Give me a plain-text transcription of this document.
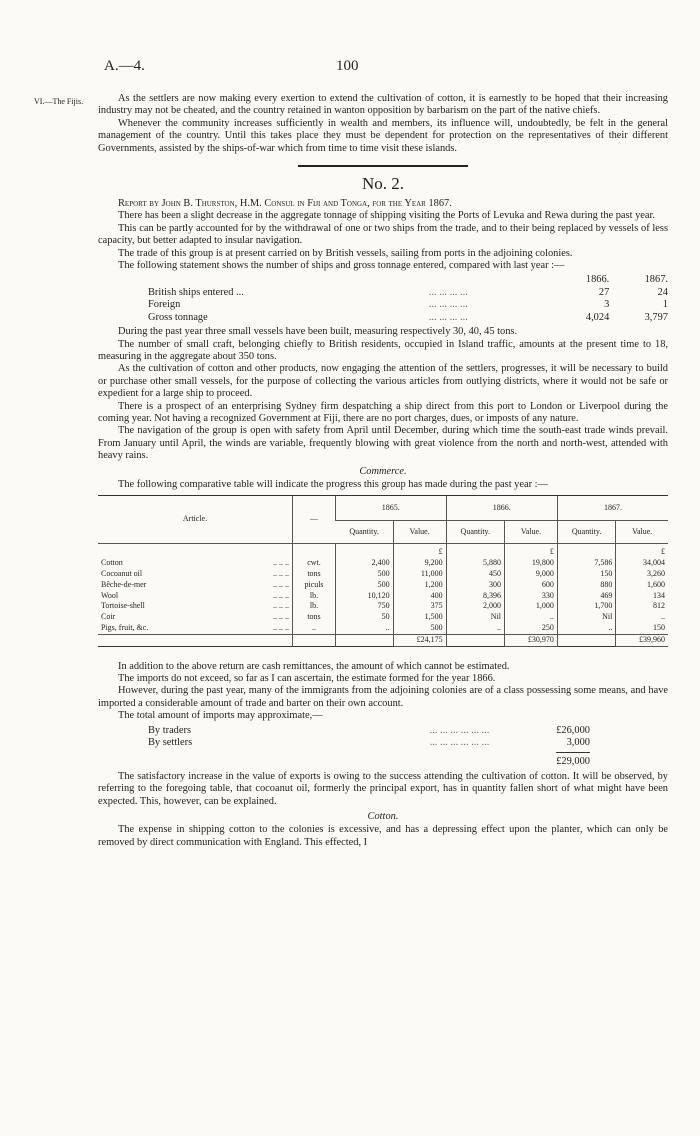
A.—4.	100
VI.—The Fijis.	As the settlers are now making every exertion to extend the cultivation of cotton, it is earnestly to be hoped that their increasing industry may not be cheated, and the country retained in wanton opposition by barbarism on the part of the native chiefs.

Whenever the community increases sufficiently in wealth and members, its influence will, undoubtedly, be felt in the general management of the country. Until this takes place they must be dependent for protection on the representatives of their different Governments, assisted by the ships-of-war which from time to time visit these islands.

No. 2.

Report by John B. Thurston, H.M. Consul in Fiji and Tonga, for the Year 1867.

There has been a slight decrease in the aggregate tonnage of shipping visiting the Ports of Levuka and Rewa during the past year.

This can be partly accounted for by the withdrawal of one or two ships from the trade, and to their being replaced by vessels of less capacity, but better adapted to insular navigation.

The trade of this group is at present carried on by British vessels, sailing from ports in the adjoining colonies.

The following statement shows the number of ships and gross tonnage entered, compared with last year :—

		1866.	1867.
British ships entered ...	... ... ... ...	27	24
Foreign	... ... ... ...	3	1
Gross tonnage	... ... ... ...	4,024	3,797

During the past year three small vessels have been built, measuring respectively 30, 40, 45 tons.

The number of small craft, belonging chiefly to British residents, occupied in Island traffic, amounts at the present time to 18, measuring in the aggregate about 350 tons.

As the cultivation of cotton and other products, now engaging the attention of the settlers, progresses, it will be necessary to build or purchase other small vessels, for the purpose of collecting the various articles from outlying districts, where it would not be safe or expedient for a large ship to proceed.

There is a prospect of an enterprising Sydney firm despatching a ship direct from this port to London or Liverpool during the coming year. Not having a recognized Government at Fiji, there are no port charges, dues, or imposts of any nature.

The navigation of the group is open with safety from April until December, during which time the south-east trade winds prevail. From January until April, the winds are variable, frequently blowing with great violence from the north and north-west, attended with heavy rains.

Commerce.

The following comparative table will indicate the progress this group has made during the past year :—

Article.	—	1865.		1866.		1867.	
		Quantity.	Value.	Quantity.	Value.	Quantity.	Value.
			£		£		£
Cotton .. .. ..	cwt.	2,400	9,200	5,880	19,800	7,586	34,004
Cocoanut oil .. .. ..	tons	500	11,000	450	9,000	150	3,260
Bêche-de-mer .. .. ..	piculs	500	1,200	300	600	880	1,600
Wool .. .. ..	lb.	10,120	400	8,396	330	469	134
Tortoise-shell .. .. ..	lb.	750	375	2,000	1,000	1,700	812
Coir .. .. ..	tons	50	1,500	Nil	..	Nil	..
Pigs, fruit, &c. .. .. ..	..	..	500	..	250	..	150
			£24,175		£30,970		£39,960

In addition to the above return are cash remittances, the amount of which cannot be estimated.

The imports do not exceed, so far as I can ascertain, the estimate formed for the year 1866.

However, during the past year, many of the immigrants from the adjoining colonies are of a class possessing some means, and have imported a considerable amount of trade and barter on their own account.

The total amount of imports may approximate,—

By traders	... ... ... ... ... ...	£26,000
By settlers	... ... ... ... ... ...	3,000
		£29,000

The satisfactory increase in the value of exports is owing to the success attending the cultivation of cotton. It will be observed, by referring to the foregoing table, that cocoanut oil, formerly the principal export, has in quantity fallen short of what might have been expected. This, however, can be explained.

Cotton.

The expense in shipping cotton to the colonies is excessive, and has a depressing effect upon the planter, which can only be removed by direct communication with England. This effected, I
